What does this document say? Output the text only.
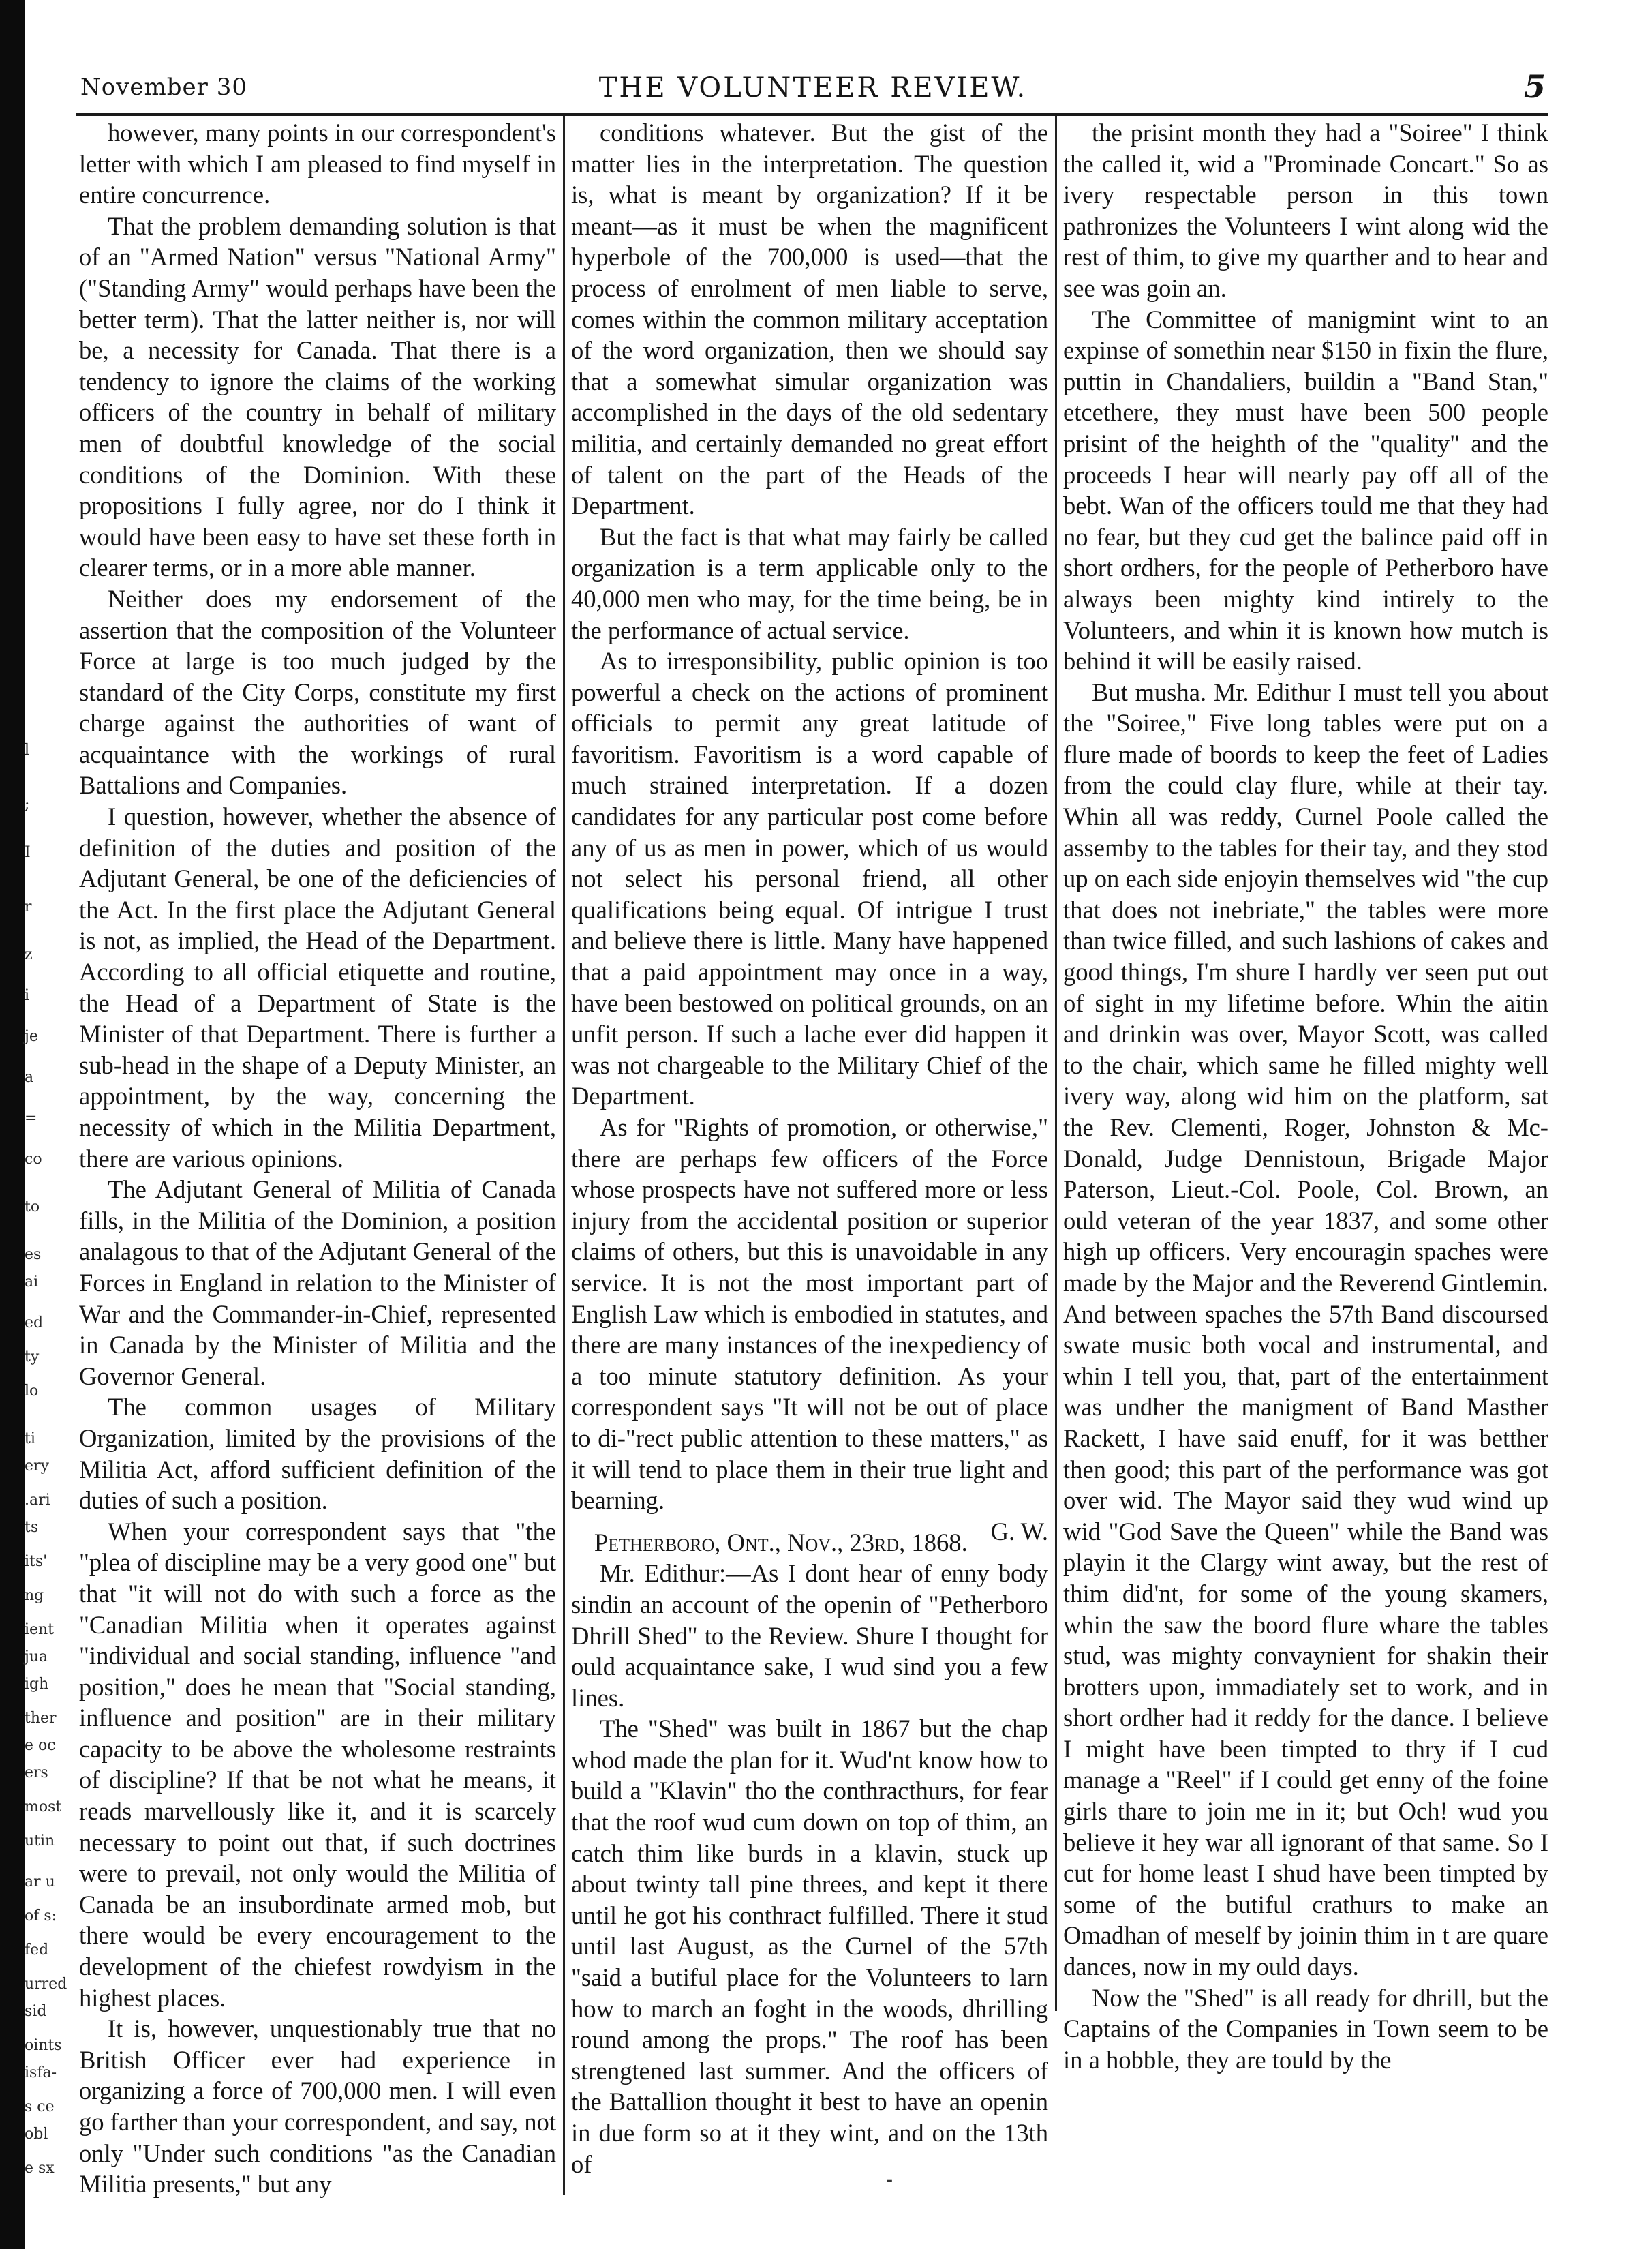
l
;
I
r
z
i
je
a
=
co
to
es
ai
ed
ty
lo
ti
ery
.ari
ts
its'
ng
ient
jua
igh
ther
e oc
ers
most
utin
ar u
of s:
fed
urred
sid
oints
isfa-
s ce
obl
e sx
November 30	THE VOLUNTEER REVIEW.	5

however, many points in our correspondent's letter with which I am pleased to find myself in entire concurrence.

That the problem demanding solution is that of an "Armed Nation" versus "National Army" ("Standing Army" would perhaps have been the better term). That the latter neither is, nor will be, a necessity for Canada. That there is a tendency to ignore the claims of the working officers of the country in behalf of military men of doubtful knowledge of the social conditions of the Dominion. With these propositions I fully agree, nor do I think it would have been easy to have set these forth in clearer terms, or in a more able manner.

Neither does my endorsement of the assertion that the composition of the Volunteer Force at large is too much judged by the standard of the City Corps, constitute my first charge against the authorities of want of acquaintance with the workings of rural Battalions and Companies.

I question, however, whether the absence of definition of the duties and position of the Adjutant General, be one of the deficiencies of the Act. In the first place the Adjutant General is not, as implied, the Head of the Department. According to all official etiquette and routine, the Head of a Department of State is the Minister of that Department. There is further a sub-head in the shape of a Deputy Minister, an appointment, by the way, concerning the necessity of which in the Militia Department, there are various opinions.

The Adjutant General of Militia of Canada fills, in the Militia of the Dominion, a position analagous to that of the Adjutant General of the Forces in England in relation to the Minister of War and the Commander-in-Chief, represented in Canada by the Minister of Militia and the Governor General.

The common usages of Military Organization, limited by the provisions of the Militia Act, afford sufficient definition of the duties of such a position.

When your correspondent says that "the "plea of discipline may be a very good one" but that "it will not do with such a force as the "Canadian Militia when it operates against "individual and social standing, influence "and position," does he mean that "Social standing, influence and position" are in their military capacity to be above the wholesome restraints of discipline? If that be not what he means, it reads marvellously like it, and it is scarcely necessary to point out that, if such doctrines were to prevail, not only would the Militia of Canada be an insubordinate armed mob, but there would be every encouragement to the development of the chiefest rowdyism in the highest places.

It is, however, unquestionably true that no British Officer ever had experience in organizing a force of 700,000 men. I will even go farther than your correspondent, and say, not only "Under such conditions "as the Canadian Militia presents," but any

conditions whatever. But the gist of the matter lies in the interpretation. The question is, what is meant by organization? If it be meant—as it must be when the magnificent hyperbole of the 700,000 is used—that the process of enrolment of men liable to serve, comes within the common military acceptation of the word organization, then we should say that a somewhat simular organization was accomplished in the days of the old sedentary militia, and certainly demanded no great effort of talent on the part of the Heads of the Department.

But the fact is that what may fairly be called organization is a term applicable only to the 40,000 men who may, for the time being, be in the performance of actual service.

As to irresponsibility, public opinion is too powerful a check on the actions of prominent officials to permit any great latitude of favoritism. Favoritism is a word capable of much strained interpretation. If a dozen candidates for any particular post come before any of us as men in power, which of us would not select his personal friend, all other qualifications being equal. Of intrigue I trust and believe there is little. Many have happened that a paid appointment may once in a way, have been bestowed on political grounds, on an unfit person. If such a lache ever did happen it was not chargeable to the Military Chief of the Department.

As for "Rights of promotion, or otherwise," there are perhaps few officers of the Force whose prospects have not suffered more or less injury from the accidental position or superior claims of others, but this is unavoidable in any service. It is not the most important part of English Law which is embodied in statutes, and there are many instances of the inexpediency of a too minute statutory definition. As your correspondent says "It will not be out of place to di-"rect public attention to these matters," as it will tend to place them in their true light and bearning.

G. W.

Petherboro, Ont., Nov., 23rd, 1868.

Mr. Edithur:—As I dont hear of enny body sindin an account of the openin of "Petherboro Dhrill Shed" to the Review. Shure I thought for ould acquaintance sake, I wud sind you a few lines.

The "Shed" was built in 1867 but the chap whod made the plan for it. Wud'nt know how to build a "Klavin" tho the conthracthurs, for fear that the roof wud cum down on top of thim, an catch thim like burds in a klavin, stuck up about twinty tall pine threes, and kept it there until he got his conthract fulfilled. There it stud until last August, as the Curnel of the 57th "said a butiful place for the Volunteers to larn how to march an foght in the woods, dhrilling round among the props." The roof has been strengtened last summer. And the officers of the Battallion thought it best to have an openin in due form so at it they wint, and on the 13th of

the prisint month they had a "Soiree" I think the called it, wid a "Prominade Concart." So as ivery respectable person in this town pathronizes the Volunteers I wint along wid the rest of thim, to give my quarther and to hear and see was goin an.

The Committee of manigmint wint to an expinse of somethin near $150 in fixin the flure, puttin in Chandaliers, buildin a "Band Stan," etcethere, they must have been 500 people prisint of the heighth of the "quality" and the proceeds I hear will nearly pay off all of the bebt. Wan of the officers tould me that they had no fear, but they cud get the balince paid off in short ordhers, for the people of Petherboro have always been mighty kind intirely to the Volunteers, and whin it is known how mutch is behind it will be easily raised.

But musha. Mr. Edithur I must tell you about the "Soiree," Five long tables were put on a flure made of boords to keep the feet of Ladies from the could clay flure, while at their tay. Whin all was reddy, Curnel Poole called the assemby to the tables for their tay, and they stod up on each side enjoyin themselves wid "the cup that does not inebriate," the tables were more than twice filled, and such lashions of cakes and good things, I'm shure I hardly ver seen put out of sight in my lifetime before. Whin the aitin and drinkin was over, Mayor Scott, was called to the chair, which same he filled mighty well ivery way, along wid him on the platform, sat the Rev. Clementi, Roger, Johnston & Mc-Donald, Judge Dennistoun, Brigade Major Paterson, Lieut.-Col. Poole, Col. Brown, an ould veteran of the year 1837, and some other high up officers. Very encouragin spaches were made by the Major and the Reverend Gintlemin. And between spaches the 57th Band discoursed swate music both vocal and instrumental, and whin I tell you, that, part of the entertainment was undher the manigment of Band Masther Rackett, I have said enuff, for it was betther then good; this part of the performance was got over wid. The Mayor said they wud wind up wid "God Save the Queen" while the Band was playin it the Clargy wint away, but the rest of thim did'nt, for some of the young skamers, whin the saw the boord flure whare the tables stud, was mighty convaynient for shakin their brotters upon, immadiately set to work, and in short ordher had it reddy for the dance. I believe I might have been timpted to thry if I cud manage a "Reel" if I could get enny of the foine girls thare to join me in it; but Och! wud you believe it hey war all ignorant of that same. So I cut for home least I shud have been timpted by some of the butiful crathurs to make an Omadhan of meself by joinin thim in t are quare dances, now in my ould days.

Now the "Shed" is all ready for dhrill, but the Captains of the Companies in Town seem to be in a hobble, they are tould by the

-
